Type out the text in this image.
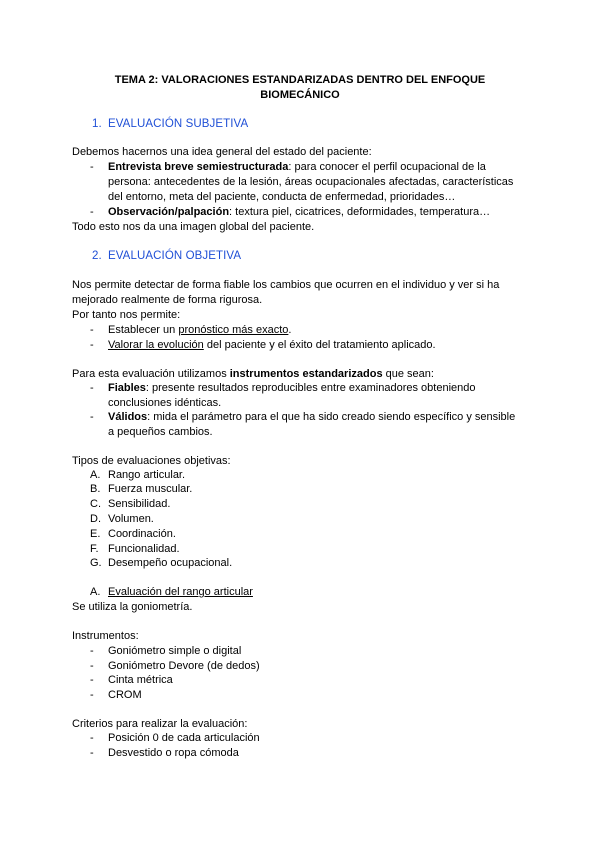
TEMA 2: VALORACIONES ESTANDARIZADAS DENTRO DEL ENFOQUE BIOMECÁNICO
1. EVALUACIÓN SUBJETIVA
Debemos hacernos una idea general del estado del paciente:
- Entrevista breve semiestructurada: para conocer el perfil ocupacional de la persona: antecedentes de la lesión, áreas ocupacionales afectadas, características del entorno, meta del paciente, conducta de enfermedad, prioridades…
- Observación/palpación: textura piel, cicatrices, deformidades, temperatura…
Todo esto nos da una imagen global del paciente.
2. EVALUACIÓN OBJETIVA
Nos permite detectar de forma fiable los cambios que ocurren en el individuo y ver si ha mejorado realmente de forma rigurosa.
Por tanto nos permite:
- Establecer un pronóstico más exacto.
- Valorar la evolución del paciente y el éxito del tratamiento aplicado.
Para esta evaluación utilizamos instrumentos estandarizados que sean:
- Fiables: presente resultados reproducibles entre examinadores obteniendo conclusiones idénticas.
- Válidos: mida el parámetro para el que ha sido creado siendo específico y sensible a pequeños cambios.
Tipos de evaluaciones objetivas:
A. Rango articular.
B. Fuerza muscular.
C. Sensibilidad.
D. Volumen.
E. Coordinación.
F. Funcionalidad.
G. Desempeño ocupacional.
A. Evaluación del rango articular
Se utiliza la goniometría.
Instrumentos:
- Goniómetro simple o digital
- Goniómetro Devore (de dedos)
- Cinta métrica
- CROM
Criterios para realizar la evaluación:
- Posición 0 de cada articulación
- Desvestido o ropa cómoda
